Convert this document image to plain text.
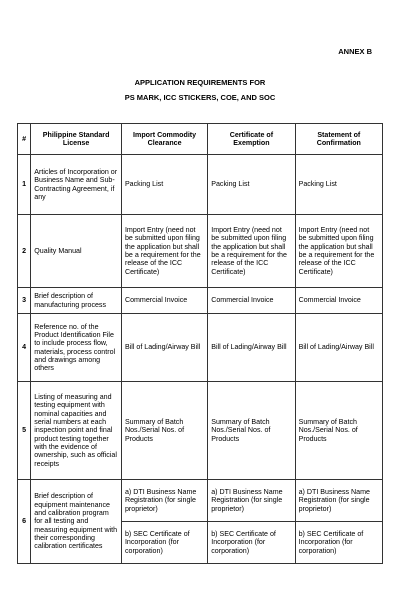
ANNEX B
APPLICATION REQUIREMENTS FOR
PS MARK, ICC STICKERS, COE, AND SOC
#	Philippine Standard License	Import Commodity Clearance	Certificate of Exemption	Statement of Confirmation
1	Articles of Incorporation or Business Name and Sub-Contracting Agreement, if any	Packing List	Packing List	Packing List
2	Quality Manual	Import Entry (need not be submitted upon filing the application but shall be a requirement for the release of the ICC Certificate)	Import Entry (need not be submitted upon filing the application but shall be a requirement for the release of the ICC Certificate)	Import Entry (need not be submitted upon filing the application but shall be a requirement for the release of the ICC Certificate)
3	Brief description of manufacturing process	Commercial Invoice	Commercial Invoice	Commercial Invoice
4	Reference no. of the Product Identification File to include process flow, materials, process control and drawings among others	Bill of Lading/Airway Bill	Bill of Lading/Airway Bill	Bill of Lading/Airway Bill
5	Listing of measuring and testing equipment with nominal capacities and serial numbers at each inspection point and final product testing together with the evidence of ownership, such as official receipts	Summary of Batch Nos./Serial Nos. of Products	Summary of Batch Nos./Serial Nos. of Products	Summary of Batch Nos./Serial Nos. of Products
6	Brief description of equipment maintenance and calibration program for all testing and measuring equipment with their corresponding calibration certificates	a) DTI Business Name Registration (for single proprietor)	a) DTI Business Name Registration (for single proprietor)	a) DTI Business Name Registration (for single proprietor)
		b) SEC Certificate of Incorporation (for corporation)	b) SEC Certificate of Incorporation (for corporation)	b) SEC Certificate of Incorporation (for corporation)
